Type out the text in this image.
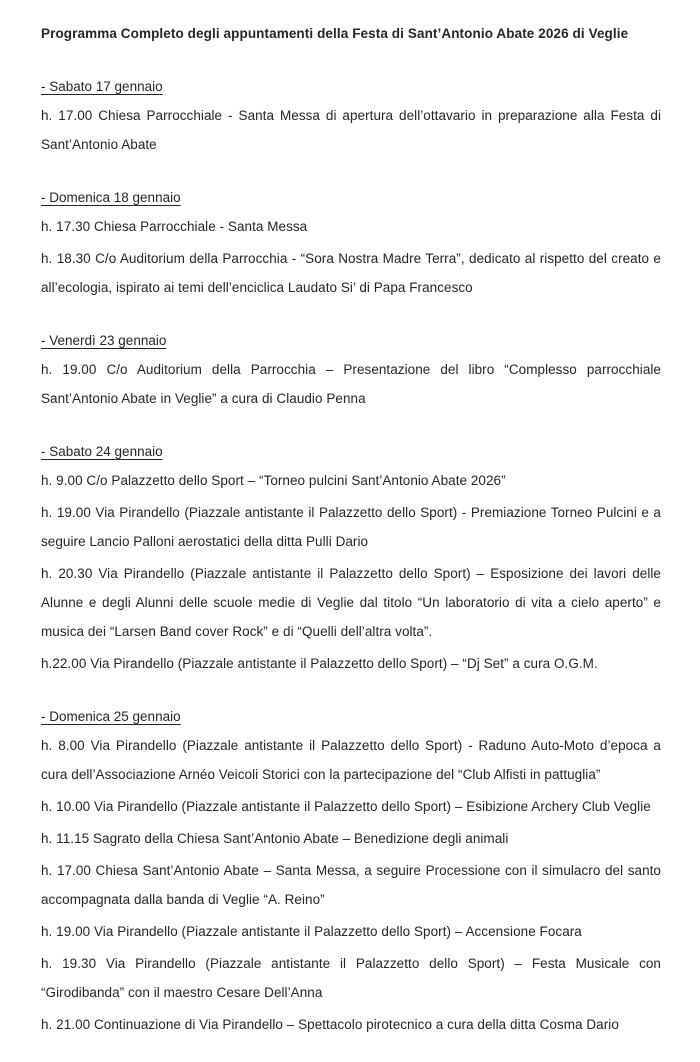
Programma Completo degli appuntamenti della Festa di Sant’Antonio Abate 2026 di Veglie
- Sabato 17 gennaio

h. 17.00 Chiesa Parrocchiale - Santa Messa di apertura dell’ottavario in preparazione alla Festa di Sant’Antonio Abate

- Domenica 18 gennaio

h. 17.30 Chiesa Parrocchiale - Santa Messa

h. 18.30 C/o Auditorium della Parrocchia - “Sora Nostra Madre Terra”, dedicato al rispetto del creato e all’ecologia, ispirato ai temi dell’enciclica Laudato Si’ di Papa Francesco

- Venerdì 23 gennaio

h. 19.00 C/o Auditorium della Parrocchia – Presentazione del libro “Complesso parrocchiale Sant’Antonio Abate in Veglie” a cura di Claudio Penna

- Sabato 24 gennaio

h. 9.00 C/o Palazzetto dello Sport – “Torneo pulcini Sant’Antonio Abate 2026”

h. 19.00 Via Pirandello (Piazzale antistante il Palazzetto dello Sport) - Premiazione Torneo Pulcini e a seguire Lancio Palloni aerostatici della ditta Pulli Dario

h. 20.30 Via Pirandello (Piazzale antistante il Palazzetto dello Sport) – Esposizione dei lavori delle Alunne e degli Alunni delle scuole medie di Veglie dal titolo “Un laboratorio di vita a cielo aperto” e musica dei “Larsen Band cover Rock” e di “Quelli dell’altra volta”.

h.22.00 Via Pirandello (Piazzale antistante il Palazzetto dello Sport) – “Dj Set” a cura O.G.M.

- Domenica 25 gennaio

h. 8.00 Via Pirandello (Piazzale antistante il Palazzetto dello Sport) - Raduno Auto-Moto d’epoca a cura dell’Associazione Arnéo Veicoli Storici con la partecipazione del “Club Alfisti in pattuglia”

h. 10.00 Via Pirandello (Piazzale antistante il Palazzetto dello Sport) – Esibizione Archery Club Veglie

h. 11.15 Sagrato della Chiesa Sant’Antonio Abate – Benedizione degli animali

h. 17.00 Chiesa Sant’Antonio Abate – Santa Messa, a seguire Processione con il simulacro del santo accompagnata dalla banda di Veglie “A. Reino”

h. 19.00 Via Pirandello (Piazzale antistante il Palazzetto dello Sport) – Accensione Focara

h. 19.30 Via Pirandello (Piazzale antistante il Palazzetto dello Sport) – Festa Musicale con “Girodibanda” con il maestro Cesare Dell’Anna

h. 21.00 Continuazione di Via Pirandello – Spettacolo pirotecnico a cura della ditta Cosma Dario
